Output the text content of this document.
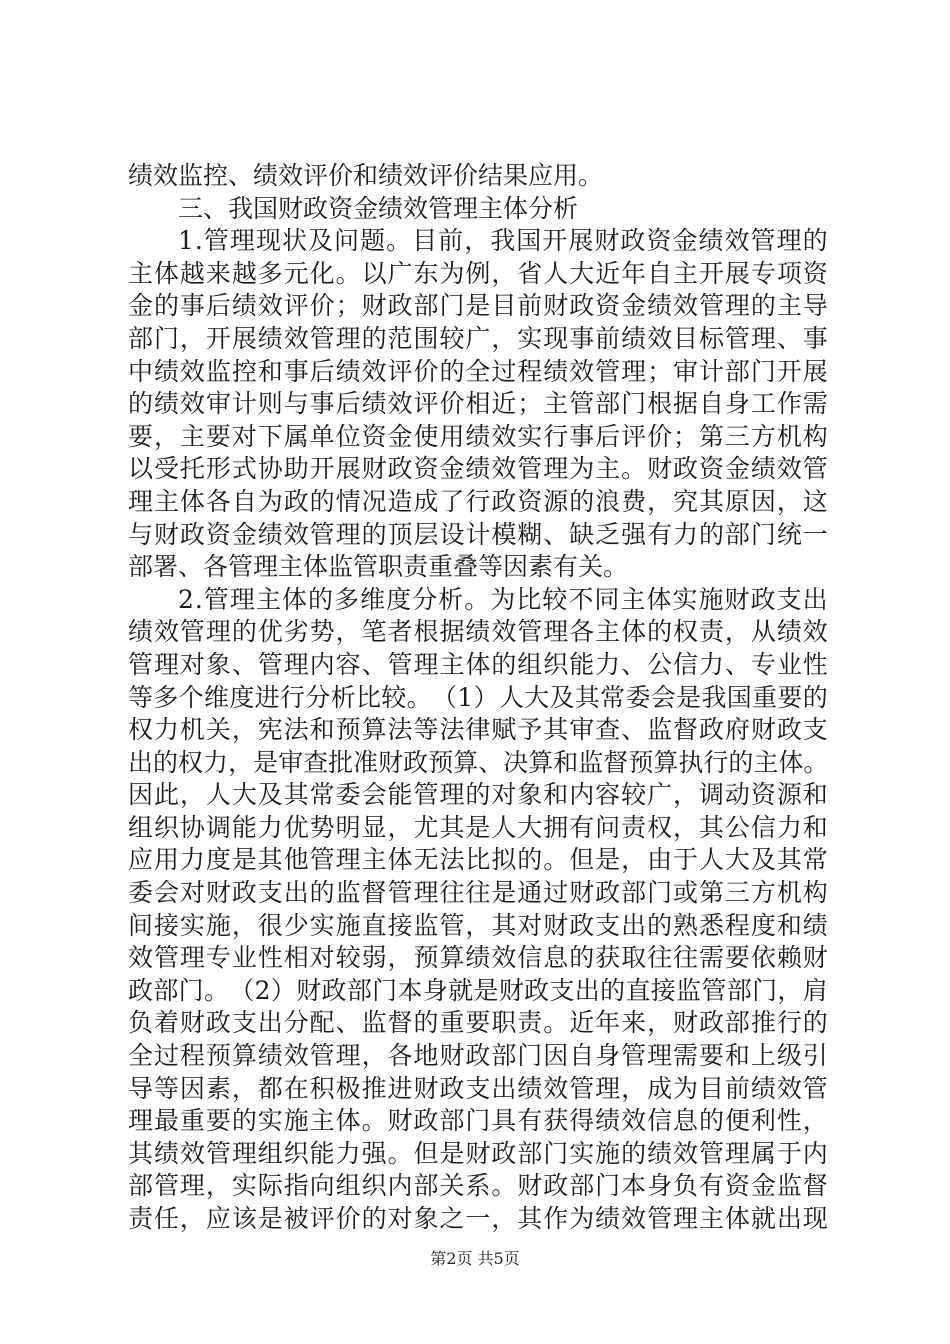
绩效监控、绩效评价和绩效评价结果应用。
三、我国财政资金绩效管理主体分析
1 . 管 理 现 状 及 问 题 。 目 前 ， 我 国 开 展 财 政 资 金 绩 效 管 理 的
主 体 越 来 越 多 元 化 。 以 广 东 为 例 ， 省 人 大 近 年 自 主 开 展 专 项 资
金 的 事 后 绩 效 评 价 ； 财 政 部 门 是 目 前 财 政 资 金 绩 效 管 理 的 主 导
部 门 ， 开 展 绩 效 管 理 的 范 围 较 广 ， 实 现 事 前 绩 效 目 标 管 理 、 事
中 绩 效 监 控 和 事 后 绩 效 评 价 的 全 过 程 绩 效 管 理 ； 审 计 部 门 开 展
的 绩 效 审 计 则 与 事 后 绩 效 评 价 相 近 ； 主 管 部 门 根 据 自 身 工 作 需
要 ， 主 要 对 下 属 单 位 资 金 使 用 绩 效 实 行 事 后 评 价 ； 第 三 方 机 构
以 受 托 形 式 协 助 开 展 财 政 资 金 绩 效 管 理 为 主 。 财 政 资 金 绩 效 管
理 主 体 各 自 为 政 的 情 况 造 成 了 行 政 资 源 的 浪 费 ， 究 其 原 因 ， 这
与 财 政 资 金 绩 效 管 理 的 顶 层 设 计 模 糊 、 缺 乏 强 有 力 的 部 门 统 一
部署、各管理主体监管职责重叠等因素有关。
2 . 管 理 主 体 的 多 维 度 分 析 。 为 比 较 不 同 主 体 实 施 财 政 支 出
绩 效 管 理 的 优 劣 势 ， 笔 者 根 据 绩 效 管 理 各 主 体 的 权 责 ， 从 绩 效
管 理 对 象 、 管 理 内 容 、 管 理 主 体 的 组 织 能 力 、 公 信 力 、 专 业 性
等 多 个 维 度 进 行 分 析 比 较 。 （ 1 ） 人 大 及 其 常 委 会 是 我 国 重 要 的
权 力 机 关 ， 宪 法 和 预 算 法 等 法 律 赋 予 其 审 查 、 监 督 政 府 财 政 支
出 的 权 力 ， 是 审 查 批 准 财 政 预 算 、 决 算 和 监 督 预 算 执 行 的 主 体 。
因 此 ， 人 大 及 其 常 委 会 能 管 理 的 对 象 和 内 容 较 广 ， 调 动 资 源 和
组 织 协 调 能 力 优 势 明 显 ， 尤 其 是 人 大 拥 有 问 责 权 ， 其 公 信 力 和
应 用 力 度 是 其 他 管 理 主 体 无 法 比 拟 的 。 但 是 ， 由 于 人 大 及 其 常
委 会 对 财 政 支 出 的 监 督 管 理 往 往 是 通 过 财 政 部 门 或 第 三 方 机 构
间 接 实 施 ， 很 少 实 施 直 接 监 管 ， 其 对 财 政 支 出 的 熟 悉 程 度 和 绩
效 管 理 专 业 性 相 对 较 弱 ， 预 算 绩 效 信 息 的 获 取 往 往 需 要 依 赖 财
政 部 门 。 （ 2 ） 财 政 部 门 本 身 就 是 财 政 支 出 的 直 接 监 管 部 门 ， 肩
负 着 财 政 支 出 分 配 、 监 督 的 重 要 职 责 。 近 年 来 ， 财 政 部 推 行 的
全 过 程 预 算 绩 效 管 理 ， 各 地 财 政 部 门 因 自 身 管 理 需 要 和 上 级 引
导 等 因 素 ， 都 在 积 极 推 进 财 政 支 出 绩 效 管 理 ， 成 为 目 前 绩 效 管
理 最 重 要 的 实 施 主 体 。 财 政 部 门 具 有 获 得 绩 效 信 息 的 便 利 性 ，
其 绩 效 管 理 组 织 能 力 强 。 但 是 财 政 部 门 实 施 的 绩 效 管 理 属 于 内
部 管 理 ， 实 际 指 向 组 织 内 部 关 系 。 财 政 部 门 本 身 负 有 资 金 监 督
责 任 ， 应 该 是 被 评 价 的 对 象 之 一 ， 其 作 为 绩 效 管 理 主 体 就 出 现
第2页 共5页
